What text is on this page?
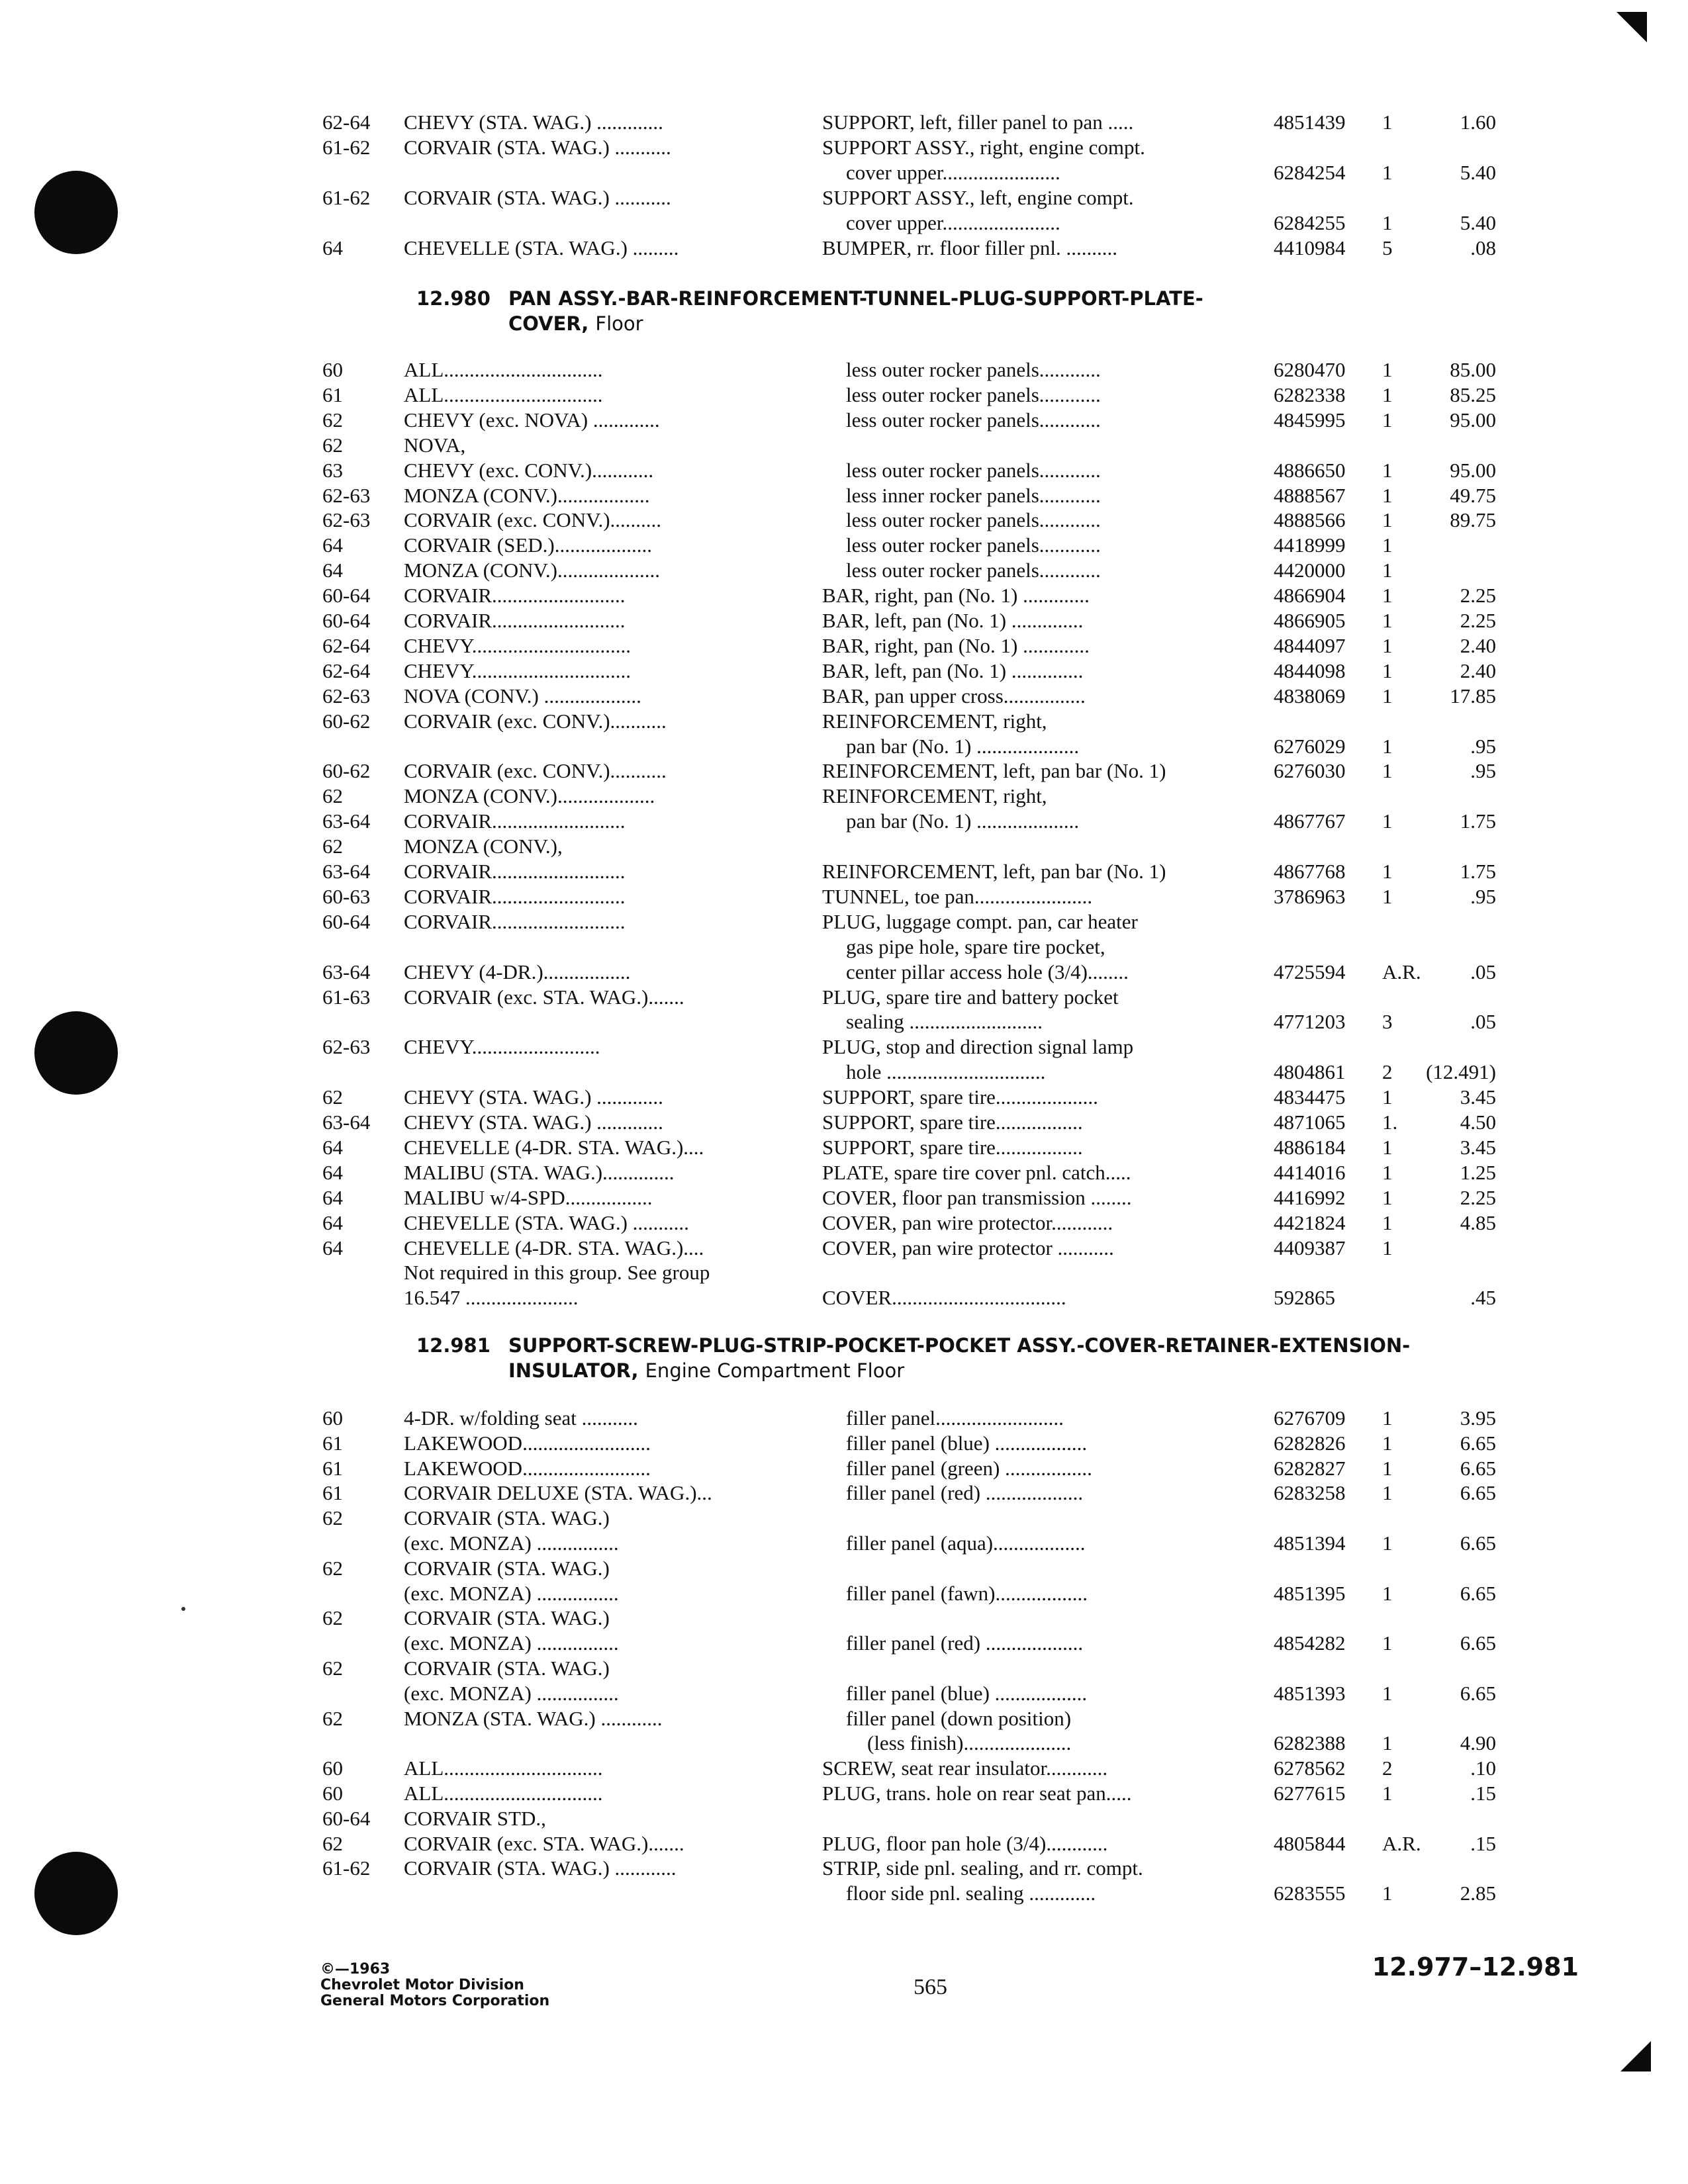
62-64 CHEVY (STA. WAG.) .............	SUPPORT, left, filler panel to pan .....	4851439 1	1.60
61-62 CORVAIR (STA. WAG.) ...........	SUPPORT ASSY., right, engine compt.
cover upper.......................	6284254 1	5.40
61-62 CORVAIR (STA. WAG.) ...........	SUPPORT ASSY., left, engine compt.
cover upper.......................	6284255 1	5.40
64	CHEVELLE (STA. WAG.) .........	BUMPER, rr. floor filler pnl. ..........	4410984 5	.08
12.980 PAN ASSY.-BAR-REINFORCEMENT-TUNNEL-PLUG-SUPPORT-PLATE-
COVER, Floor
60	ALL...............................	less outer rocker panels............	6280470 1	85.00
61	ALL...............................	less outer rocker panels............	6282338 1	85.25
62	CHEVY (exc. NOVA) .............	less outer rocker panels............	4845995 1	95.00
62	NOVA,
63	CHEVY (exc. CONV.)............	less outer rocker panels............	4886650 1	95.00
62-63 MONZA (CONV.)..................	less inner rocker panels............	4888567 1	49.75
62-63 CORVAIR (exc. CONV.)..........	less outer rocker panels............	4888566 1	89.75
64	CORVAIR (SED.)...................	less outer rocker panels............	4418999 1
64	MONZA (CONV.)....................	less outer rocker panels............	4420000 1
60-64 CORVAIR..........................	BAR, right, pan (No. 1) .............	4866904 1	2.25
60-64 CORVAIR..........................	BAR, left, pan (No. 1) ..............	4866905 1	2.25
62-64 CHEVY...............................	BAR, right, pan (No. 1) .............	4844097 1	2.40
62-64 CHEVY...............................	BAR, left, pan (No. 1) ..............	4844098 1	2.40
62-63 NOVA (CONV.) ...................	BAR, pan upper cross................	4838069 1	17.85
60-62 CORVAIR (exc. CONV.)...........	REINFORCEMENT, right,
pan bar (No. 1) ....................	6276029 1	.95
60-62 CORVAIR (exc. CONV.)...........	REINFORCEMENT, left, pan bar (No. 1)	6276030 1	.95
62	MONZA (CONV.)...................	REINFORCEMENT, right,
63-64 CORVAIR..........................	pan bar (No. 1) ....................	4867767 1	1.75
62	MONZA (CONV.),
63-64 CORVAIR..........................	REINFORCEMENT, left, pan bar (No. 1)	4867768 1	1.75
60-63 CORVAIR..........................	TUNNEL, toe pan.......................	3786963 1	.95
60-64 CORVAIR..........................	PLUG, luggage compt. pan, car heater
gas pipe hole, spare tire pocket,
63-64 CHEVY (4-DR.).................	center pillar access hole (3/4)........	4725594 A.R. .05
61-63 CORVAIR (exc. STA. WAG.).......	PLUG, spare tire and battery pocket
sealing ..........................	4771203 3	.05
62-63 CHEVY.........................	PLUG, stop and direction signal lamp
hole ...............................	4804861 2 (12.491)
62	CHEVY (STA. WAG.) .............	SUPPORT, spare tire....................	4834475 1	3.45
63-64 CHEVY (STA. WAG.) .............	SUPPORT, spare tire.................	4871065 1.	4.50
64	CHEVELLE (4-DR. STA. WAG.)....	SUPPORT, spare tire.................	4886184 1	3.45
64	MALIBU (STA. WAG.)..............	PLATE, spare tire cover pnl. catch.....	4414016 1	1.25
64	MALIBU w/4-SPD.................	COVER, floor pan transmission ........	4416992 1	2.25
64	CHEVELLE (STA. WAG.) ...........	COVER, pan wire protector............	4421824 1	4.85
64	CHEVELLE (4-DR. STA. WAG.)....	COVER, pan wire protector ...........	4409387 1
Not required in this group. See group
16.547 ......................	COVER..................................	592865	.45
12.981 SUPPORT-SCREW-PLUG-STRIP-POCKET-POCKET ASSY.-COVER-RETAINER-EXTENSION-
INSULATOR, Engine Compartment Floor
60	4-DR. w/folding seat ...........	filler panel.........................	6276709 1	3.95
61	LAKEWOOD.........................	filler panel (blue) ..................	6282826 1	6.65
61	LAKEWOOD.........................	filler panel (green) .................	6282827 1	6.65
61	CORVAIR DELUXE (STA. WAG.)...	filler panel (red) ...................	6283258 1	6.65
62	CORVAIR (STA. WAG.)
(exc. MONZA) ................	filler panel (aqua)..................	4851394 1	6.65
62	CORVAIR (STA. WAG.)
(exc. MONZA) ................	filler panel (fawn)..................	4851395 1	6.65
62	CORVAIR (STA. WAG.)
(exc. MONZA) ................	filler panel (red) ...................	4854282 1	6.65
62	CORVAIR (STA. WAG.)
(exc. MONZA) ................	filler panel (blue) ..................	4851393 1	6.65
62	MONZA (STA. WAG.) ............	filler panel (down position)
(less finish).....................	6282388 1	4.90
60	ALL...............................	SCREW, seat rear insulator............	6278562 2	.10
60	ALL...............................	PLUG, trans. hole on rear seat pan.....	6277615 1	.15
60-64 CORVAIR STD.,
62	CORVAIR (exc. STA. WAG.).......	PLUG, floor pan hole (3/4)............	4805844 A.R. .15
61-62 CORVAIR (STA. WAG.) ............	STRIP, side pnl. sealing, and rr. compt.
floor side pnl. sealing .............	6283555 1	2.85
©—1963
Chevrolet Motor Division
General Motors Corporation
565
12.977–12.981
